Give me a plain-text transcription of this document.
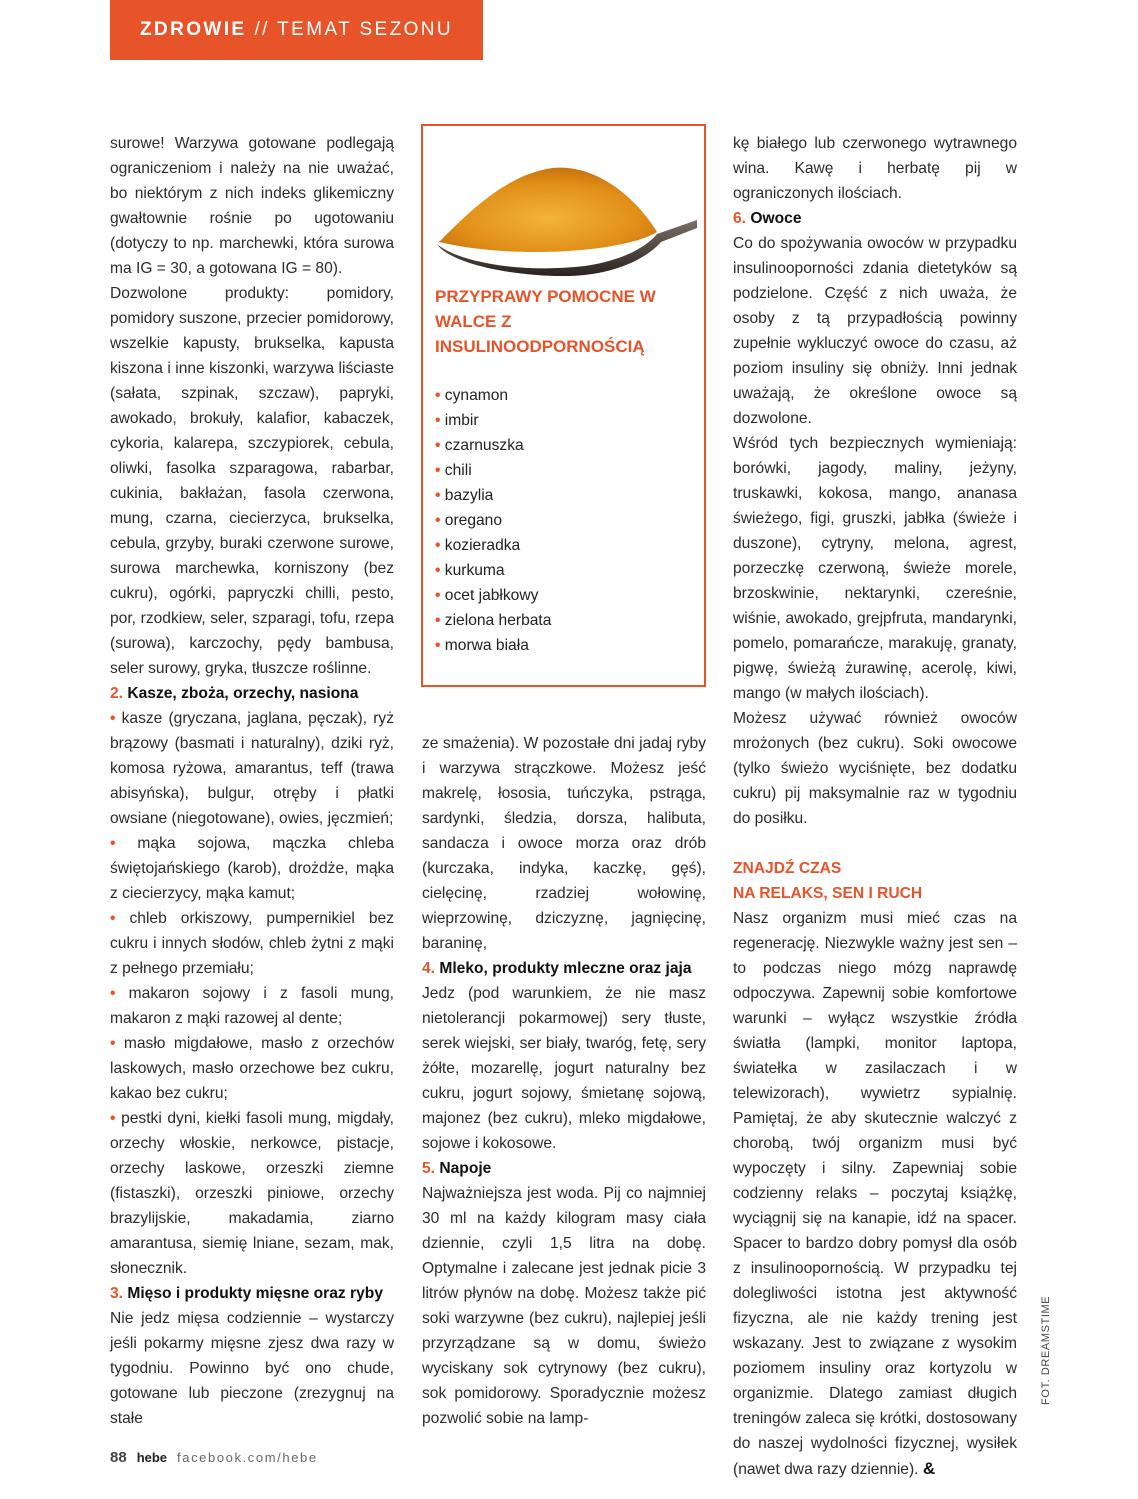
ZDROWIE // TEMAT SEZONU

surowe! Warzywa gotowane podlegają ograniczeniom i należy na nie uważać, bo niektórym z nich indeks glikemiczny gwałtownie rośnie po ugotowaniu (dotyczy to np. marchewki, która surowa ma IG = 30, a gotowana IG = 80).

Dozwolone produkty: pomidory, pomidory suszone, przecier pomidorowy, wszelkie kapusty, brukselka, kapusta kiszona i inne kiszonki, warzywa liściaste (sałata, szpinak, szczaw), papryki, awokado, brokuły, kalafior, kabaczek, cykoria, kalarepa, szczypiorek, cebula, oliwki, fasolka szparagowa, rabarbar, cukinia, bakłażan, fasola czerwona, mung, czarna, ciecierzyca, brukselka, cebula, grzyby, buraki czerwone surowe, surowa marchewka, korniszony (bez cukru), ogórki, papryczki chilli, pesto, por, rzodkiew, seler, szparagi, tofu, rzepa (surowa), karczochy, pędy bambusa, seler surowy, gryka, tłuszcze roślinne.

2. Kasze, zboża, orzechy, nasiona

• kasze (gryczana, jaglana, pęczak), ryż brązowy (basmati i naturalny), dziki ryż, komosa ryżowa, amarantus, teff (trawa abisyńska), bulgur, otręby i płatki owsiane (niegotowane), owies, jęczmień;

• mąka sojowa, mączka chleba świętojańskiego (karob), drożdże, mąka z ciecierzycy, mąka kamut;

• chleb orkiszowy, pumpernikiel bez cukru i innych słodów, chleb żytni z mąki z pełnego przemiału;

• makaron sojowy i z fasoli mung, makaron z mąki razowej al dente;

• masło migdałowe, masło z orzechów laskowych, masło orzechowe bez cukru, kakao bez cukru;

• pestki dyni, kiełki fasoli mung, migdały, orzechy włoskie, nerkowce, pistacje, orzechy laskowe, orzeszki ziemne (fistaszki), orzeszki piniowe, orzechy brazylijskie, makadamia, ziarno amarantusa, siemię lniane, sezam, mak, słonecznik.

3. Mięso i produkty mięsne oraz ryby

Nie jedz mięsa codziennie – wystarczy jeśli pokarmy mięsne zjesz dwa razy w tygodniu. Powinno być ono chude, gotowane lub pieczone (zrezygnuj na stałe

PRZYPRAWY POMOCNE W WALCE Z INSULINOODPORNOŚCIĄ
• cynamon
• imbir
• czarnuszka
• chili
• bazylia
• oregano
• kozieradka
• kurkuma
• ocet jabłkowy
• zielona herbata
• morwa biała

ze smażenia). W pozostałe dni jadaj ryby i warzywa strączkowe. Możesz jeść makrelę, łososia, tuńczyka, pstrąga, sardynki, śledzia, dorsza, halibuta, sandacza i owoce morza oraz drób (kurczaka, indyka, kaczkę, gęś), cielęcinę, rzadziej wołowinę, wieprzowinę, dziczyznę, jagnięcinę, baraninę,

4. Mleko, produkty mleczne oraz jaja

Jedz (pod warunkiem, że nie masz nietolerancji pokarmowej) sery tłuste, serek wiejski, ser biały, twaróg, fetę, sery żółte, mozarellę, jogurt naturalny bez cukru, jogurt sojowy, śmietanę sojową, majonez (bez cukru), mleko migdałowe, sojowe i kokosowe.

5. Napoje

Najważniejsza jest woda. Pij co najmniej 30 ml na każdy kilogram masy ciała dziennie, czyli 1,5 litra na dobę. Optymalne i zalecane jest jednak picie 3 litrów płynów na dobę. Możesz także pić soki warzywne (bez cukru), najlepiej jeśli przyrządzane są w domu, świeżo wyciskany sok cytrynowy (bez cukru), sok pomidorowy. Sporadycznie możesz pozwolić sobie na lamp-

kę białego lub czerwonego wytrawnego wina. Kawę i herbatę pij w ograniczonych ilościach.

6. Owoce

Co do spożywania owoców w przypadku insulinooporności zdania dietetyków są podzielone. Część z nich uważa, że osoby z tą przypadłością powinny zupełnie wykluczyć owoce do czasu, aż poziom insuliny się obniży. Inni jednak uważają, że określone owoce są dozwolone.

Wśród tych bezpiecznych wymieniają: borówki, jagody, maliny, jeżyny, truskawki, kokosa, mango, ananasa świeżego, figi, gruszki, jabłka (świeże i duszone), cytryny, melona, agrest, porzeczkę czerwoną, świeże morele, brzoskwinie, nektarynki, czereśnie, wiśnie, awokado, grejpfruta, mandarynki, pomelo, pomarańcze, marakuję, granaty, pigwę, świeżą żurawinę, acerolę, kiwi, mango (w małych ilościach).

Możesz używać również owoców mrożonych (bez cukru). Soki owocowe (tylko świeżo wyciśnięte, bez dodatku cukru) pij maksymalnie raz w tygodniu do posiłku.

ZNAJDŹ CZAS

NA RELAKS, SEN I RUCH

Nasz organizm musi mieć czas na regenerację. Niezwykle ważny jest sen – to podczas niego mózg naprawdę odpoczywa. Zapewnij sobie komfortowe warunki – wyłącz wszystkie źródła światła (lampki, monitor laptopa, światełka w zasilaczach i w telewizorach), wywietrz sypialnię. Pamiętaj, że aby skutecznie walczyć z chorobą, twój organizm musi być wypoczęty i silny. Zapewniaj sobie codzienny relaks – poczytaj książkę, wyciągnij się na kanapie, idź na spacer. Spacer to bardzo dobry pomysł dla osób z insulinoopornością. W przypadku tej dolegliwości istotna jest aktywność fizyczna, ale nie każdy trening jest wskazany. Jest to związane z wysokim poziomem insuliny oraz kortyzolu w organizmie. Dlatego zamiast długich treningów zaleca się krótki, dostosowany do naszej wydolności fizycznej, wysiłek (nawet dwa razy dziennie). &

FOT. DREAMSTIME
88 hebe facebook.com/hebe
